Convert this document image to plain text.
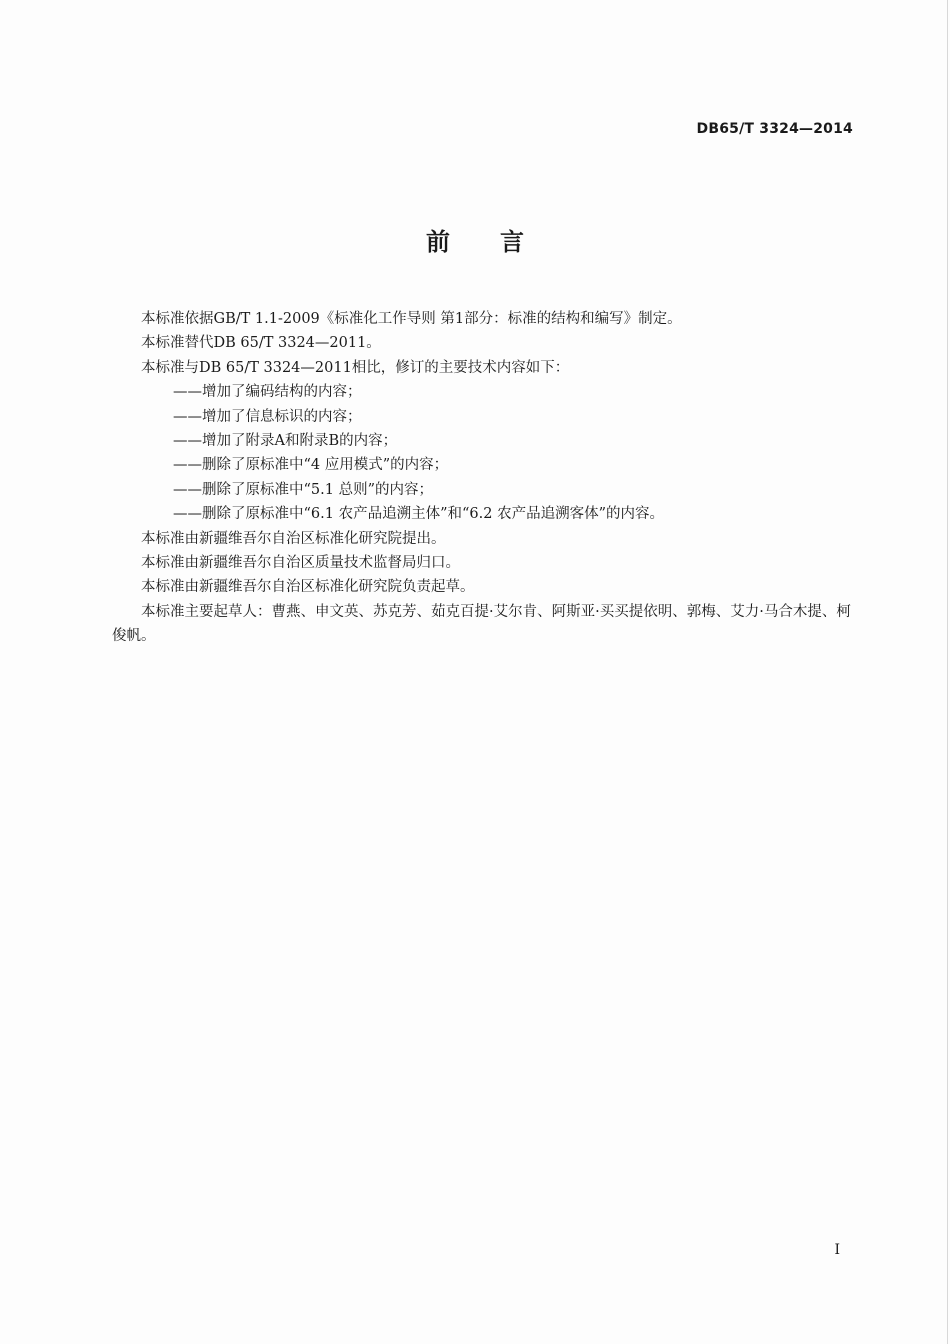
DB65/T 3324—2014
前言

本标准依据GB/T 1.1-2009《标准化工作导则 第1部分：标准的结构和编写》制定。

本标准替代DB 65/T 3324—2011。

本标准与DB 65/T 3324—2011相比，修订的主要技术内容如下：

——增加了编码结构的内容；

——增加了信息标识的内容；

——增加了附录A和附录B的内容；

——删除了原标准中“4 应用模式”的内容；

——删除了原标准中“5.1 总则”的内容；

——删除了原标准中“6.1 农产品追溯主体”和“6.2 农产品追溯客体”的内容。

本标准由新疆维吾尔自治区标准化研究院提出。

本标准由新疆维吾尔自治区质量技术监督局归口。

本标准由新疆维吾尔自治区标准化研究院负责起草。

本标准主要起草人：曹燕、申文英、苏克芳、茹克百提·艾尔肯、阿斯亚·买买提依明、郭梅、艾力·马合木提、柯俊帆。

I
